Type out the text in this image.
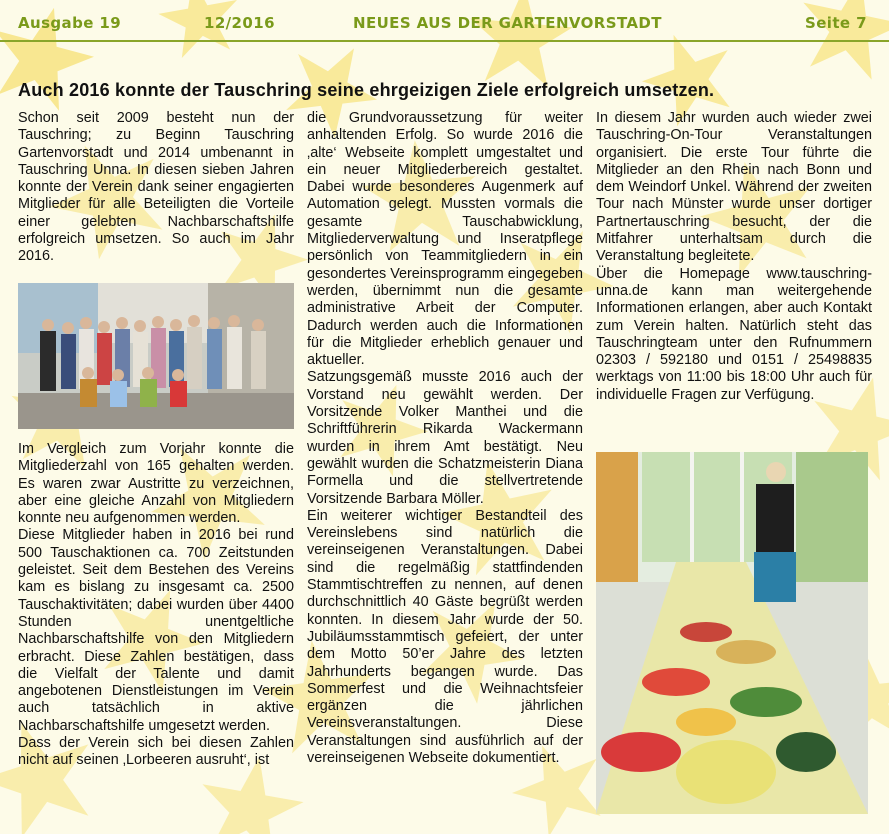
Ausgabe 19	12/2016	NEUES AUS DER GARTENVORSTADT	Seite 7
Auch 2016 konnte der Tauschring seine ehrgeizigen Ziele erfolgreich umsetzen.

Schon seit 2009 besteht nun der Tauschring; zu Beginn Tauschring Gartenvorstadt und 2014 umbenannt in Tauschring Unna. In diesen sieben Jahren konnte der Verein dank seiner engagierten Mitglieder für alle Beteiligten die Vorteile einer gelebten Nachbarschaftshilfe erfolgreich umsetzen. So auch im Jahr 2016.

Im Vergleich zum Vorjahr konnte die Mitgliederzahl von 165 gehalten werden. Es waren zwar Austritte zu verzeichnen, aber eine gleiche Anzahl von Mitgliedern konnte neu aufgenommen werden.

Diese Mitglieder haben in 2016 bei rund 500 Tauschaktionen ca. 700 Zeitstunden geleistet. Seit dem Bestehen des Vereins kam es bislang zu insgesamt ca. 2500 Tauschaktivitäten; dabei wurden über 4400 Stunden unentgeltliche Nachbarschaftshilfe von den Mitgliedern erbracht. Diese Zahlen bestätigen, dass die Vielfalt der Talente und damit angebotenen Dienstleistungen im Verein auch tatsächlich in aktive Nachbarschaftshilfe umgesetzt werden.

Dass der Verein sich bei diesen Zahlen nicht auf seinen ‚Lorbeeren ausruht‘, ist

die Grundvoraussetzung für weiter anhaltenden Erfolg. So wurde 2016 die ‚alte‘ Webseite komplett umgestaltet und ein neuer Mitgliederbereich gestaltet. Dabei wurde besonderes Augenmerk auf Automation gelegt. Mussten vormals die gesamte Tauschabwicklung, Mitgliederverwaltung und Inseratpflege persönlich von Teammitgliedern in ein gesondertes Vereinsprogramm eingegeben werden, übernimmt nun die gesamte administrative Arbeit der Computer. Dadurch werden auch die Informationen für die Mitglieder erheblich genauer und aktueller.

Satzungsgemäß musste 2016 auch der Vorstand neu gewählt werden. Der Vorsitzende Volker Manthei und die Schriftführerin Rikarda Wackermann wurden in ihrem Amt bestätigt. Neu gewählt wurden die Schatzmeisterin Diana Formella und die stellvertretende Vorsitzende Barbara Möller.

Ein weiterer wichtiger Bestandteil des Vereinslebens sind natürlich die vereinseigenen Veranstaltungen. Dabei sind die regelmäßig stattfindenden Stammtischtreffen zu nennen, auf denen durchschnittlich 40 Gäste begrüßt werden konnten. In diesem Jahr wurde der 50. Jubiläumsstammtisch gefeiert, der unter dem Motto 50’er Jahre des letzten Jahrhunderts begangen wurde. Das Sommerfest und die Weihnachtsfeier ergänzen die jährlichen Vereinsveranstaltungen. Diese Veranstaltungen sind ausführlich auf der vereinseigenen Webseite dokumentiert.

In diesem Jahr wurden auch wieder zwei Tauschring-On-Tour Veranstaltungen organisiert. Die erste Tour führte die Mitglieder an den Rhein nach Bonn und dem Weindorf Unkel. Während der zweiten Tour nach Münster wurde unser dortiger Partnertauschring besucht, der die Mitfahrer unterhaltsam durch die Veranstaltung begleitete.

Über die Homepage www.tauschring-unna.de kann man weitergehende Informationen erlangen, aber auch Kontakt zum Verein halten. Natürlich steht das Tauschringteam unter den Rufnummern 02303 / 592180 und 0151 / 25498835 werktags von 11:00 bis 18:00 Uhr auch für individuelle Fragen zur Verfügung.
